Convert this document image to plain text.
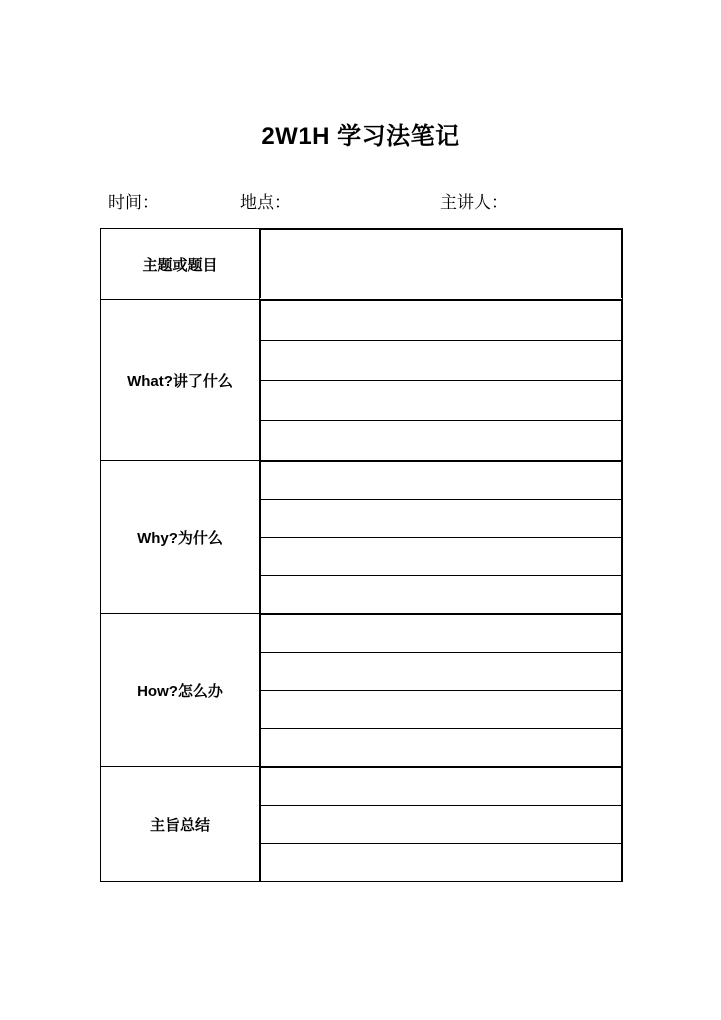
2W1H 学习法笔记
时间：	地点：	主讲人：
主题或题目	

What?讲了什么	

Why?为什么	

How?怎么办	

主旨总结	
